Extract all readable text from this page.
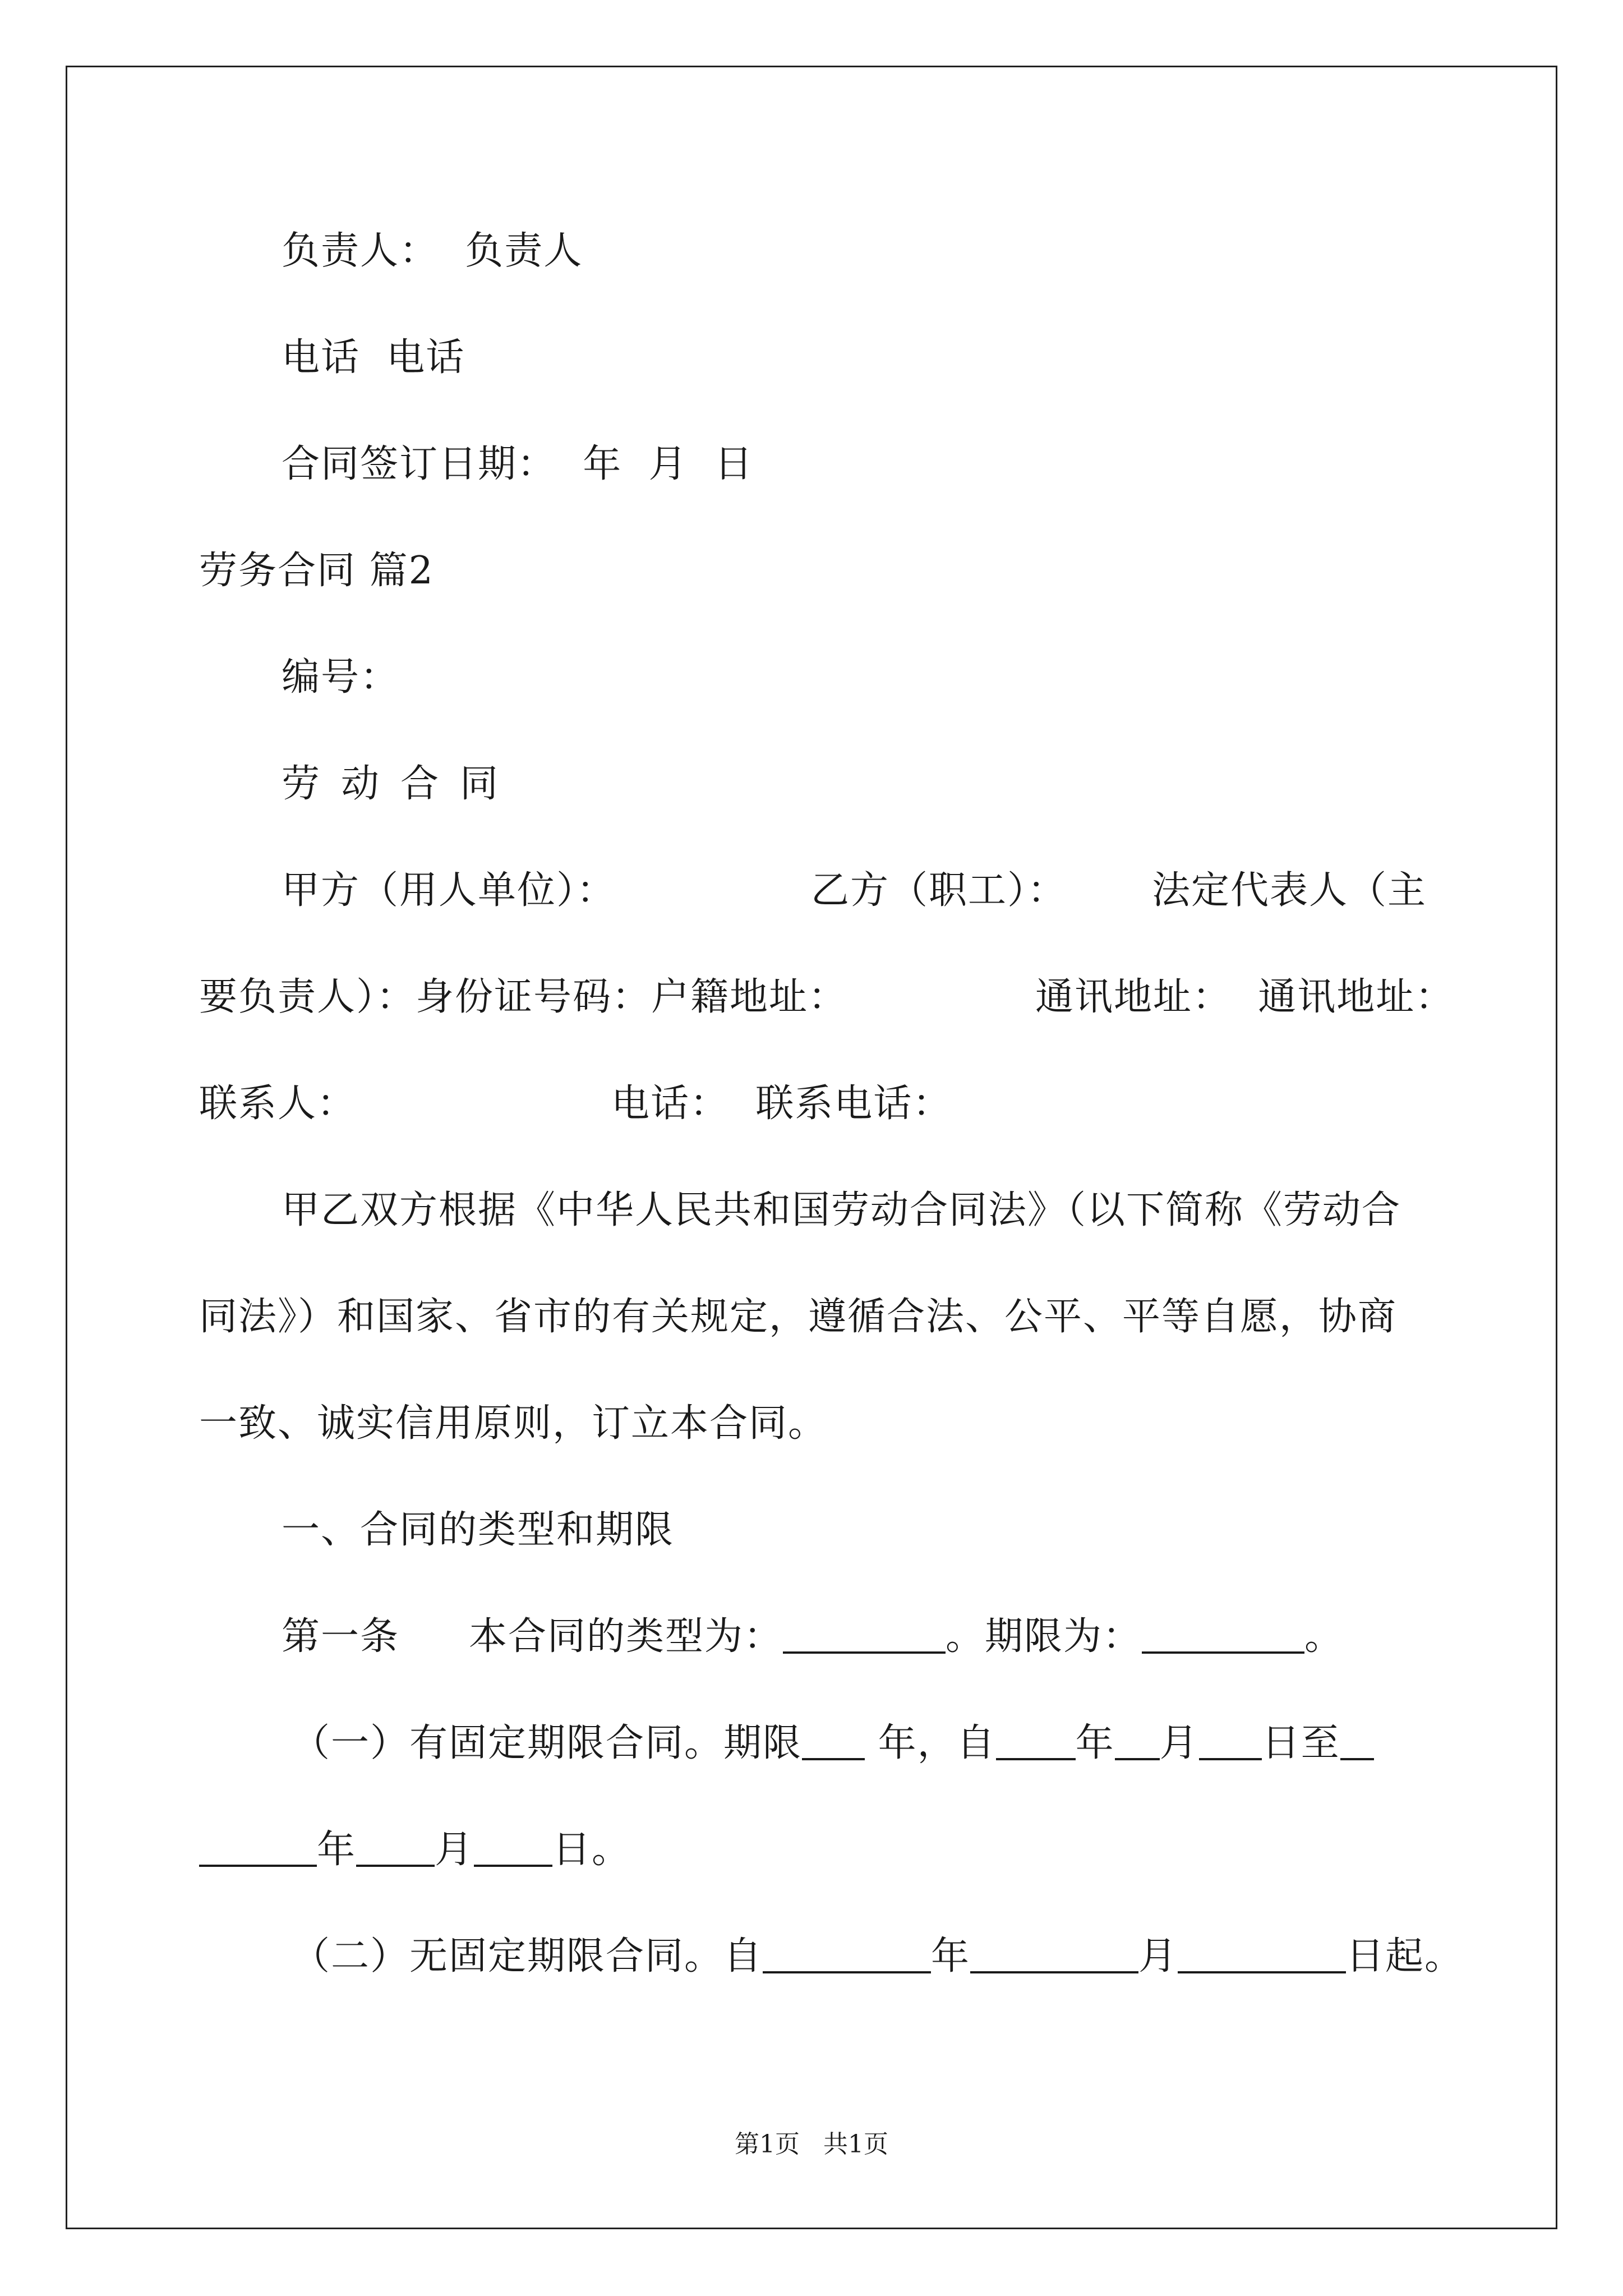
负责人：  负责人
电话  电话
合同签订日期：  年  月  日
劳务合同 篇2
编号：
劳动合同
甲方（用人单位）：	乙方（职工）： 法定代表人（主
要负责人）：身份证号码：户籍地址：	通讯地址：  通讯地址：
联系人：	电话：  联系电话：
甲乙双方根据《中华人民共和国劳动合同法》（以下简称《劳动合
同法》）和国家、省市的有关规定，遵循合法、公平、平等自愿，协商
一致、诚实信用原则，订立本合同。
一、合同的类型和期限
第一条 本合同的类型为：	。期限为：	。
（一）有固定期限合同。期限 年，自 年 月 日至
年 月 日。
（二）无固定期限合同。自	年	月	日起。
第1页   共1页
